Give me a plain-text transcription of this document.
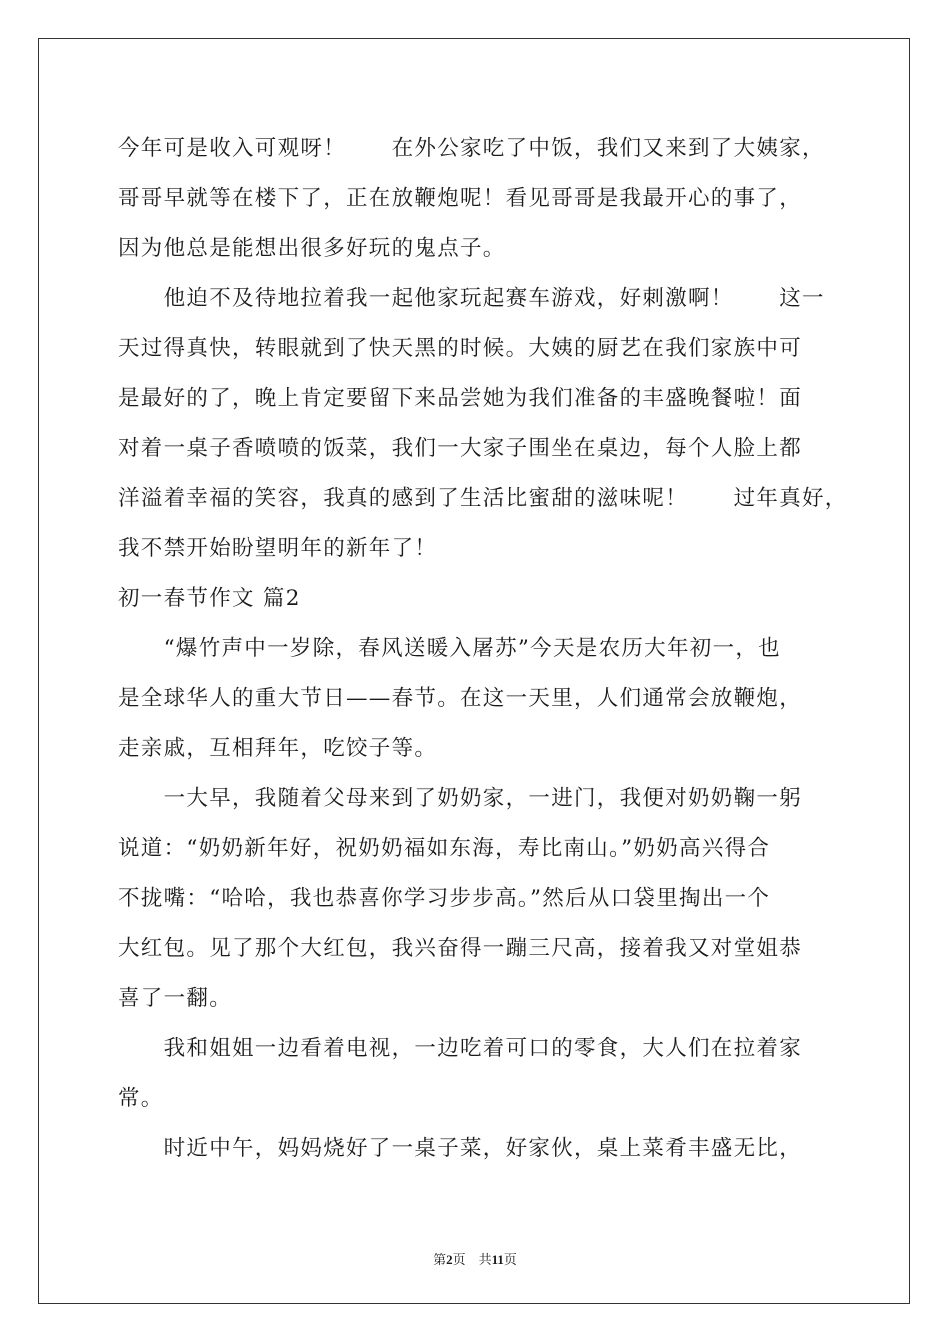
今年可是收入可观呀！　　在外公家吃了中饭，我们又来到了大姨家，
哥哥早就等在楼下了，正在放鞭炮呢！看见哥哥是我最开心的事了，
因为他总是能想出很多好玩的鬼点子。
　　他迫不及待地拉着我一起他家玩起赛车游戏，好刺激啊！　　这一
天过得真快，转眼就到了快天黑的时候。大姨的厨艺在我们家族中可
是最好的了，晚上肯定要留下来品尝她为我们准备的丰盛晚餐啦！面
对着一桌子香喷喷的饭菜，我们一大家子围坐在桌边，每个人脸上都
洋溢着幸福的笑容，我真的感到了生活比蜜甜的滋味呢！　　过年真好，
我不禁开始盼望明年的新年了！
初一春节作文 篇2
　　“爆竹声中一岁除，春风送暖入屠苏”今天是农历大年初一，也
是全球华人的重大节日——春节。在这一天里，人们通常会放鞭炮，
走亲戚，互相拜年，吃饺子等。
　　一大早，我随着父母来到了奶奶家，一进门，我便对奶奶鞠一躬
说道：“奶奶新年好，祝奶奶福如东海，寿比南山。”奶奶高兴得合
不拢嘴：“哈哈，我也恭喜你学习步步高。”然后从口袋里掏出一个
大红包。见了那个大红包，我兴奋得一蹦三尺高，接着我又对堂姐恭
喜了一翻。
　　我和姐姐一边看着电视，一边吃着可口的零食，大人们在拉着家
常。
　　时近中午，妈妈烧好了一桌子菜，好家伙，桌上菜肴丰盛无比，
第2页 共11页
